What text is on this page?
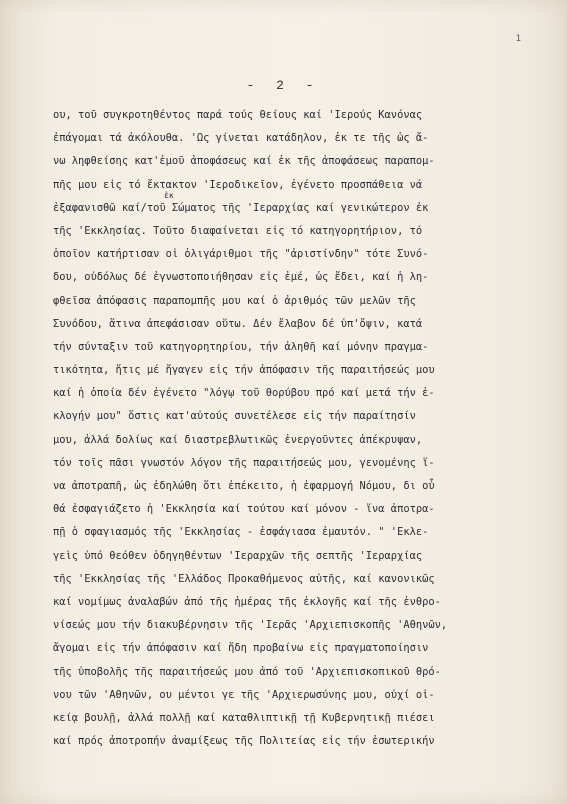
1
- 2 -
ἐκ
ου, τοῦ συγκροτηθέντος παρά τούς θείους καί 'Ιερούς Κανόνας
ἐπάγομαι τά ἀκόλουθα. 'Ως γίνεται κατάδηλον, ἐκ τε τῆς ὡς ἄ-
νω ληφθείσης κατ'ἐμοῦ ἀποφάσεως καί ἐκ τῆς ἀποφάσεως παραπομ-
πῆς μου εἰς τό ἔκτακτον 'Ιεροδικεῖον, ἐγένετο προσπάθεια νά
ἐξαφανισθῶ καί/τοῦ Σώματος τῆς 'Ιεραρχίας καί γενικώτερον ἐκ
τῆς 'Εκκλησίας. Τοῦτο διαφαίνεται εἰς τό κατηγορητήριον, τό
ὁποῖον κατήρτισαν οἱ ὀλιγάριθμοι τῆς "ἀριστίνδην" τότε Συνό-
δου, οὐδόλως δέ ἐγνωστοποιήθησαν εἰς ἐμέ, ὡς ἔδει, καί ἡ λη-
φθεῖσα ἀπόφασις παραπομπῆς μου καί ὁ ἀριθμός τῶν μελῶν τῆς
Συνόδου, ἅτινα ἀπεφάσισαν οὕτω. Δέν ἔλαβον δέ ὑπ'ὄψιν, κατά
τήν σύνταξιν τοῦ κατηγορητηρίου, τήν ἀληθῆ καί μόνην πραγμα-
τικότητα, ἥτις μέ ἤγαγεν εἰς τήν ἀπόφασιν τῆς παραιτήσεώς μου
καί ἡ ὁποία δέν ἐγένετο "λόγῳ τοῦ θορύβου πρό καί μετά τήν ἐ-
κλογήν μου" ὅστις κατ'αὐτούς συνετέλεσε εἰς τήν παραίτησίν
μου, ἀλλά δολίως καί διαστρεβλωτικῶς ἐνεργοῦντες ἀπέκρυψαν,
τόν τοῖς πᾶσι γνωστόν λόγον τῆς παραιτήσεώς μου, γενομένης ἵ-
να ἀποτραπῆ, ὡς ἐδηλώθη ὅτι ἐπέκειτο, ἡ ἐφαρμογή Νόμου, δι οὗ
θά ἐσφαγιάζετο ἡ 'Εκκλησία καί τούτου καί μόνον - ἵνα ἀποτρα-
πῇ ὁ σφαγιασμός τῆς 'Εκκλησίας - ἐσφάγιασα ἐμαυτόν. " 'Εκλε-
γεὶς ὑπό θεόθεν ὁδηγηθέντων 'Ιεραρχῶν τῆς σεπτῆς 'Ιεραρχίας
τῆς 'Εκκλησίας τῆς 'Ελλάδος Προκαθήμενος αὐτῆς, καί κανονικῶς
καί νομίμως ἀναλαβών ἀπό τῆς ἡμέρας τῆς ἐκλογῆς καί τῆς ἐνθρο-
νίσεώς μου τήν διακυβέρνησιν τῆς 'Ιερᾶς 'Αρχιεπισκοπῆς 'Αθηνῶν,
ἄγομαι εἰς τήν ἀπόφασιν καί ἤδη προβαίνω εἰς πραγματοποίησιν
τῆς ὑποβολῆς τῆς παραιτήσεώς μου ἀπό τοῦ 'Αρχιεπισκοπικοῦ θρό-
νου τῶν 'Αθηνῶν, ου μέντοι γε τῆς 'Αρχιερωσύνης μου, οὐχί οἰ-
κείᾳ βουλῇ, ἀλλά πολλῇ καί καταθλιπτικῇ τῇ Κυβερνητικῇ πιέσει
καί πρός ἀποτροπήν ἀναμίξεως τῆς Πολιτείας εἰς τήν ἐσωτερικήν
